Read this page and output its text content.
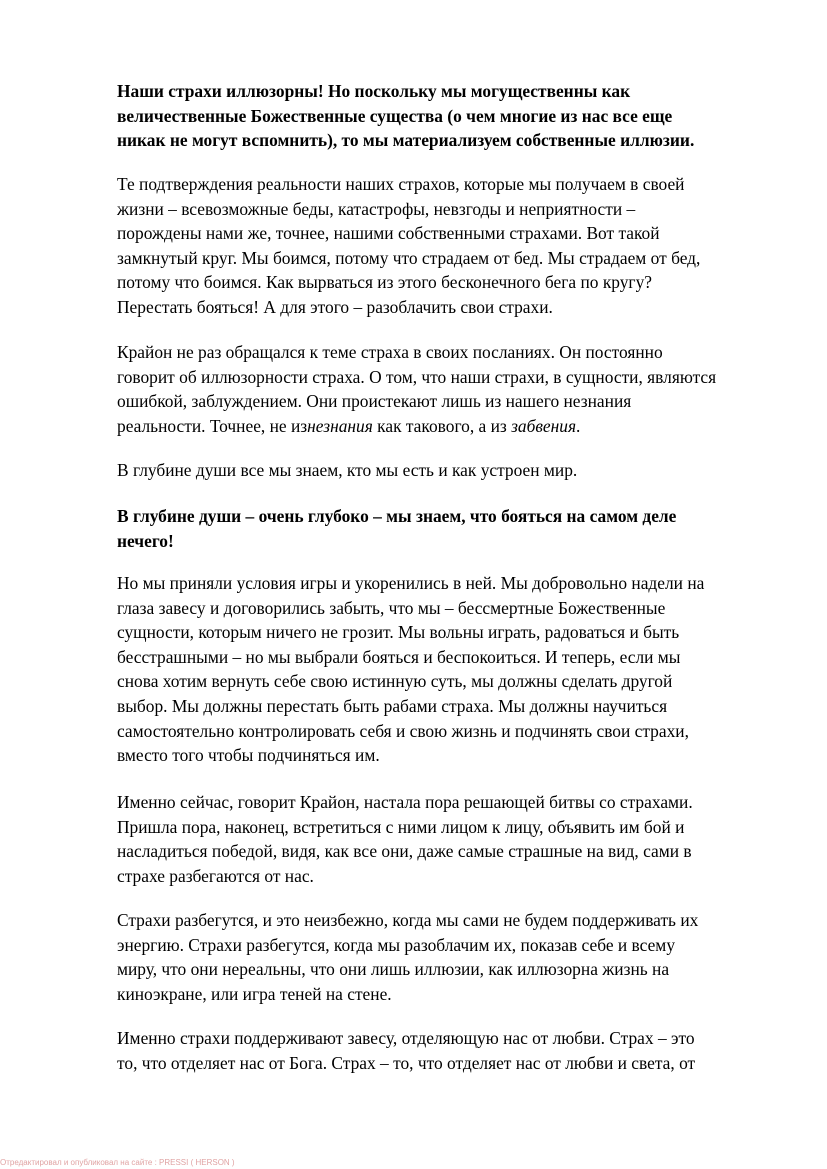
Наши страхи иллюзорны! Но поскольку мы могущественны как
величественные Божественные существа (о чем многие из нас все еще
никак не могут вспомнить), то мы материализуем собственные иллюзии.

Те подтверждения реальности наших страхов, которые мы получаем в своей
жизни – всевозможные беды, катастрофы, невзгоды и неприятности –
порождены нами же, точнее, нашими собственными страхами. Вот такой
замкнутый круг. Мы боимся, потому что страдаем от бед. Мы страдаем от бед,
потому что боимся. Как вырваться из этого бесконечного бега по кругу?
Перестать бояться! А для этого – разоблачить свои страхи.

Крайон не раз обращался к теме страха в своих посланиях. Он постоянно
говорит об иллюзорности страха. О том, что наши страхи, в сущности, являются
ошибкой, заблуждением. Они проистекают лишь из нашего незнания
реальности. Точнее, не изнезнания как такового, а из забвения.

В глубине души все мы знаем, кто мы есть и как устроен мир.

В глубине души – очень глубоко – мы знаем, что бояться на самом деле
нечего!

Но мы приняли условия игры и укоренились в ней. Мы добровольно надели на
глаза завесу и договорились забыть, что мы – бессмертные Божественные
сущности, которым ничего не грозит. Мы вольны играть, радоваться и быть
бесстрашными – но мы выбрали бояться и беспокоиться. И теперь, если мы
снова хотим вернуть себе свою истинную суть, мы должны сделать другой
выбор. Мы должны перестать быть рабами страха. Мы должны научиться
самостоятельно контролировать себя и свою жизнь и подчинять свои страхи,
вместо того чтобы подчиняться им.

Именно сейчас, говорит Крайон, настала пора решающей битвы со страхами.
Пришла пора, наконец, встретиться с ними лицом к лицу, объявить им бой и
насладиться победой, видя, как все они, даже самые страшные на вид, сами в
страхе разбегаются от нас.

Страхи разбегутся, и это неизбежно, когда мы сами не будем поддерживать их
энергию. Страхи разбегутся, когда мы разоблачим их, показав себе и всему
миру, что они нереальны, что они лишь иллюзии, как иллюзорна жизнь на
киноэкране, или игра теней на стене.

Именно страхи поддерживают завесу, отделяющую нас от любви. Страх – это
то, что отделяет нас от Бога. Страх – то, что отделяет нас от любви и света, от

Отредактировал и опубликовал на сайте : PRESSI ( HERSON )
